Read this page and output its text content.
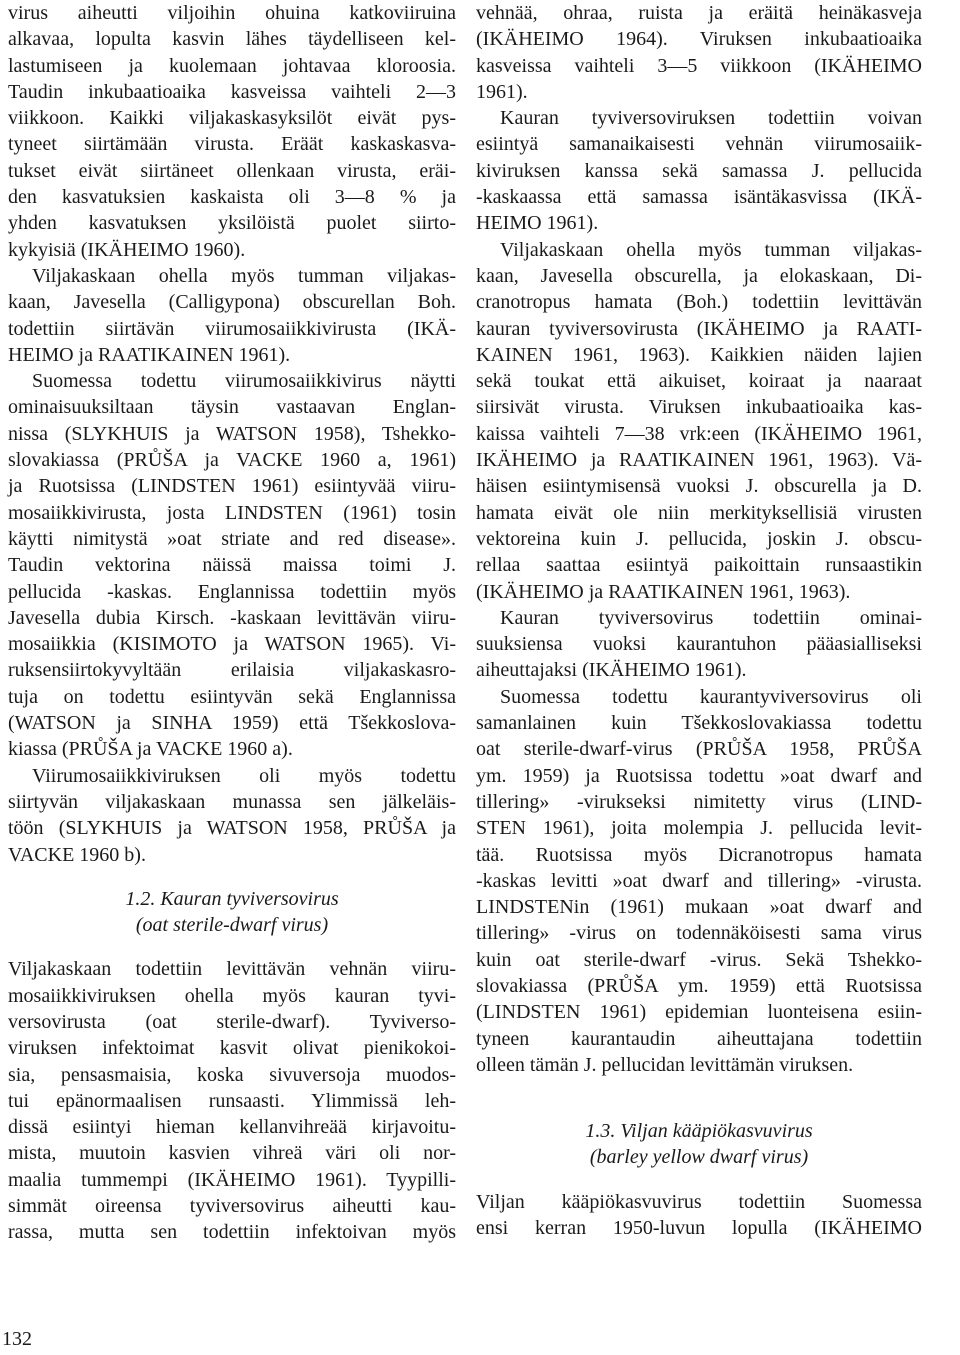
virus aiheutti viljoihin ohuina katkoviiruina
alkavaa, lopulta kasvin lähes täydelliseen kel-
lastumiseen ja kuolemaan johtavaa kloroosia.
Taudin inkubaatioaika kasveissa vaihteli 2—3
viikkoon. Kaikki viljakaskasyksilöt eivät pys-
tyneet siirtämään virusta. Eräät kaskaskasva-
tukset eivät siirtäneet ollenkaan virusta, eräi-
den kasvatuksien kaskaista oli 3—8 % ja
yhden kasvatuksen yksilöistä puolet siirto-
kykyisiä (IKÄHEIMO 1960).
Viljakaskaan ohella myös tumman viljakas-
kaan, Javesella (Calligypona) obscurellan Boh.
todettiin siirtävän viirumosaiikkivirusta (IKÄ-
HEIMO ja RAATIKAINEN 1961).
Suomessa todettu viirumosaiikkivirus näytti
ominaisuuksiltaan täysin vastaavan Englan-
nissa (SLYKHUIS ja WATSON 1958), Tshekko-
slovakiassa (PRŮŠA ja VACKE 1960 a, 1961)
ja Ruotsissa (LINDSTEN 1961) esiintyvää viiru-
mosaiikkivirusta, josta LINDSTEN (1961) tosin
käytti nimitystä »oat striate and red disease».
Taudin vektorina näissä maissa toimi J.
pellucida -kaskas. Englannissa todettiin myös
Javesella dubia Kirsch. -kaskaan levittävän viiru-
mosaiikkia (KISIMOTO ja WATSON 1965). Vi-
ruksensiirtokyvyltään erilaisia viljakaskasro-
tuja on todettu esiintyvän sekä Englannissa
(WATSON ja SINHA 1959) että Tšekkoslova-
kiassa (PRŮŠA ja VACKE 1960 a).
Viirumosaiikkiviruksen oli myös todettu
siirtyvän viljakaskaan munassa sen jälkeläis-
töön (SLYKHUIS ja WATSON 1958, PRŮŠA ja
VACKE 1960 b).
1.2. Kauran tyviversovirus
(oat sterile-dwarf virus)
Viljakaskaan todettiin levittävän vehnän viiru-
mosaiikkiviruksen ohella myös kauran tyvi-
versovirusta (oat sterile-dwarf). Tyviverso-
viruksen infektoimat kasvit olivat pienikokoi-
sia, pensasmaisia, koska sivuversoja muodos-
tui epänormaalisen runsaasti. Ylimmissä leh-
dissä esiintyi hieman kellanvihreää kirjavoitu-
mista, muutoin kasvien vihreä väri oli nor-
maalia tummempi (IKÄHEIMO 1961). Tyypilli-
simmät oireensa tyviversovirus aiheutti kau-
rassa, mutta sen todettiin infektoivan myös
vehnää, ohraa, ruista ja eräitä heinäkasveja
(IKÄHEIMO 1964). Viruksen inkubaatioaika
kasveissa vaihteli 3—5 viikkoon (IKÄHEIMO
1961).
Kauran tyviversoviruksen todettiin voivan
esiintyä samanaikaisesti vehnän viirumosaiik-
kiviruksen kanssa sekä samassa J. pellucida
-kaskaassa että samassa isäntäkasvissa (IKÄ-
HEIMO 1961).
Viljakaskaan ohella myös tumman viljakas-
kaan, Javesella obscurella, ja elokaskaan, Di-
cranotropus hamata (Boh.) todettiin levittävän
kauran tyviversovirusta (IKÄHEIMO ja RAATI-
KAINEN 1961, 1963). Kaikkien näiden lajien
sekä toukat että aikuiset, koiraat ja naaraat
siirsivät virusta. Viruksen inkubaatioaika kas-
kaissa vaihteli 7—38 vrk:een (IKÄHEIMO 1961,
IKÄHEIMO ja RAATIKAINEN 1961, 1963). Vä-
häisen esiintymisensä vuoksi J. obscurella ja D.
hamata eivät ole niin merkityksellisiä virusten
vektoreina kuin J. pellucida, joskin J. obscu-
rellaa saattaa esiintyä paikoittain runsaastikin
(IKÄHEIMO ja RAATIKAINEN 1961, 1963).
Kauran tyviversovirus todettiin ominai-
suuksiensa vuoksi kaurantuhon pääasialliseksi
aiheuttajaksi (IKÄHEIMO 1961).
Suomessa todettu kaurantyviversovirus oli
samanlainen kuin Tšekkoslovakiassa todettu
oat sterile-dwarf-virus (PRŮŠA 1958, PRŮŠA
ym. 1959) ja Ruotsissa todettu »oat dwarf and
tillering» -virukseksi nimitetty virus (LIND-
STEN 1961), joita molempia J. pellucida levit-
tää. Ruotsissa myös Dicranotropus hamata
-kaskas levitti »oat dwarf and tillering» -virusta.
LINDSTENin (1961) mukaan »oat dwarf and
tillering» -virus on todennäköisesti sama virus
kuin oat sterile-dwarf -virus. Sekä Tshekko-
slovakiassa (PRŮŠA ym. 1959) että Ruotsissa
(LINDSTEN 1961) epidemian luonteisena esiin-
tyneen kaurantaudin aiheuttajana todettiin
olleen tämän J. pellucidan levittämän viruksen.
1.3. Viljan kääpiökasvuvirus
(barley yellow dwarf virus)
Viljan kääpiökasvuvirus todettiin Suomessa
ensi kerran 1950-luvun lopulla (IKÄHEIMO
132
